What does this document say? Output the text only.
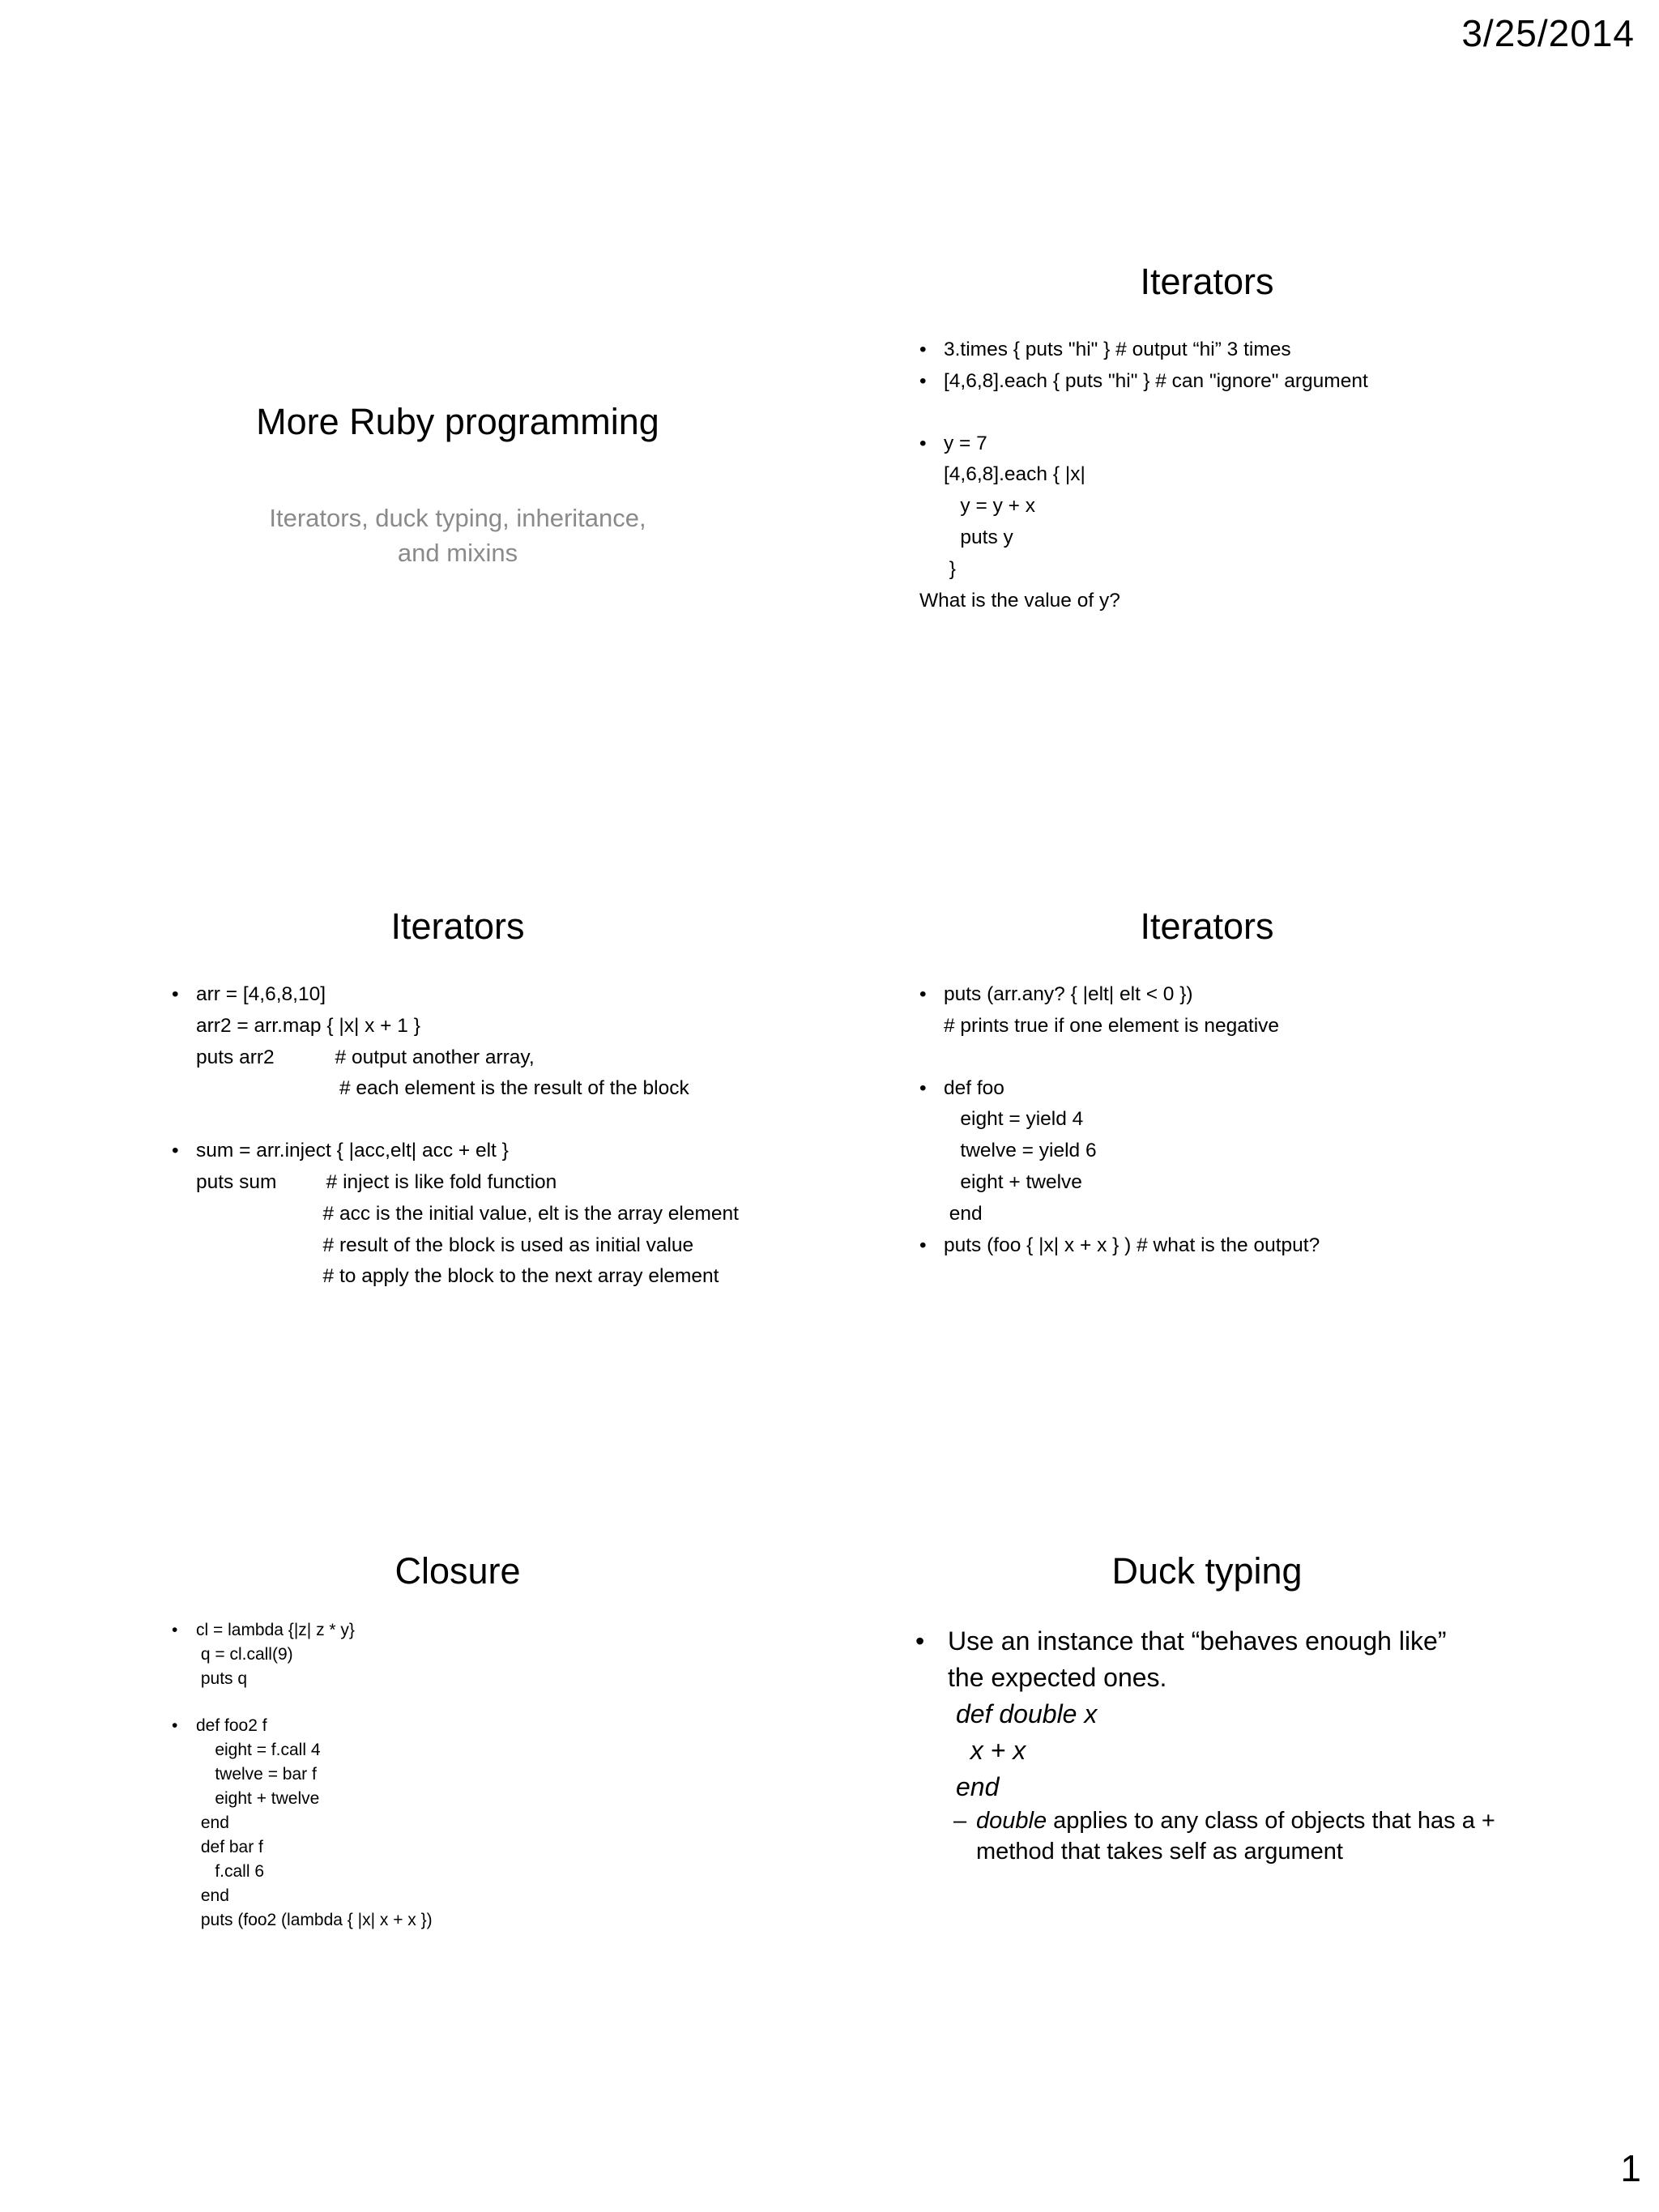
3/25/2014
More Ruby programming
Iterators, duck typing, inheritance,
and mixins
Iterators
• 3.times { puts "hi" } # output “hi” 3 times
• [4,6,8].each { puts "hi" } # can "ignore" argument
• y = 7
[4,6,8].each { |x|
y = y + x
puts y
}
What is the value of y?
Iterators
• arr = [4,6,8,10]
arr2 = arr.map { |x| x + 1 }
puts arr2           # output another array,
# each element is the result of the block
• sum = arr.inject { |acc,elt| acc + elt }
puts sum         # inject is like fold function
# acc is the initial value, elt is the array element
# result of the block is used as initial value
# to apply the block to the next array element
Iterators
• puts (arr.any? { |elt| elt < 0 })
# prints true if one element is negative
• def foo
eight = yield 4
twelve = yield 6
eight + twelve
end
• puts (foo { |x| x + x } ) # what is the output?
Closure
• cl = lambda {|z| z * y}
q = cl.call(9)
puts q
• def foo2 f
eight = f.call 4
twelve = bar f
eight + twelve
end
def bar f
f.call 6
end
puts (foo2 (lambda { |x| x + x })
Duck typing
• Use an instance that “behaves enough like”
the expected ones.
def double x
x + x
end
– double applies to any class of objects that has a +
method that takes self as argument
1
